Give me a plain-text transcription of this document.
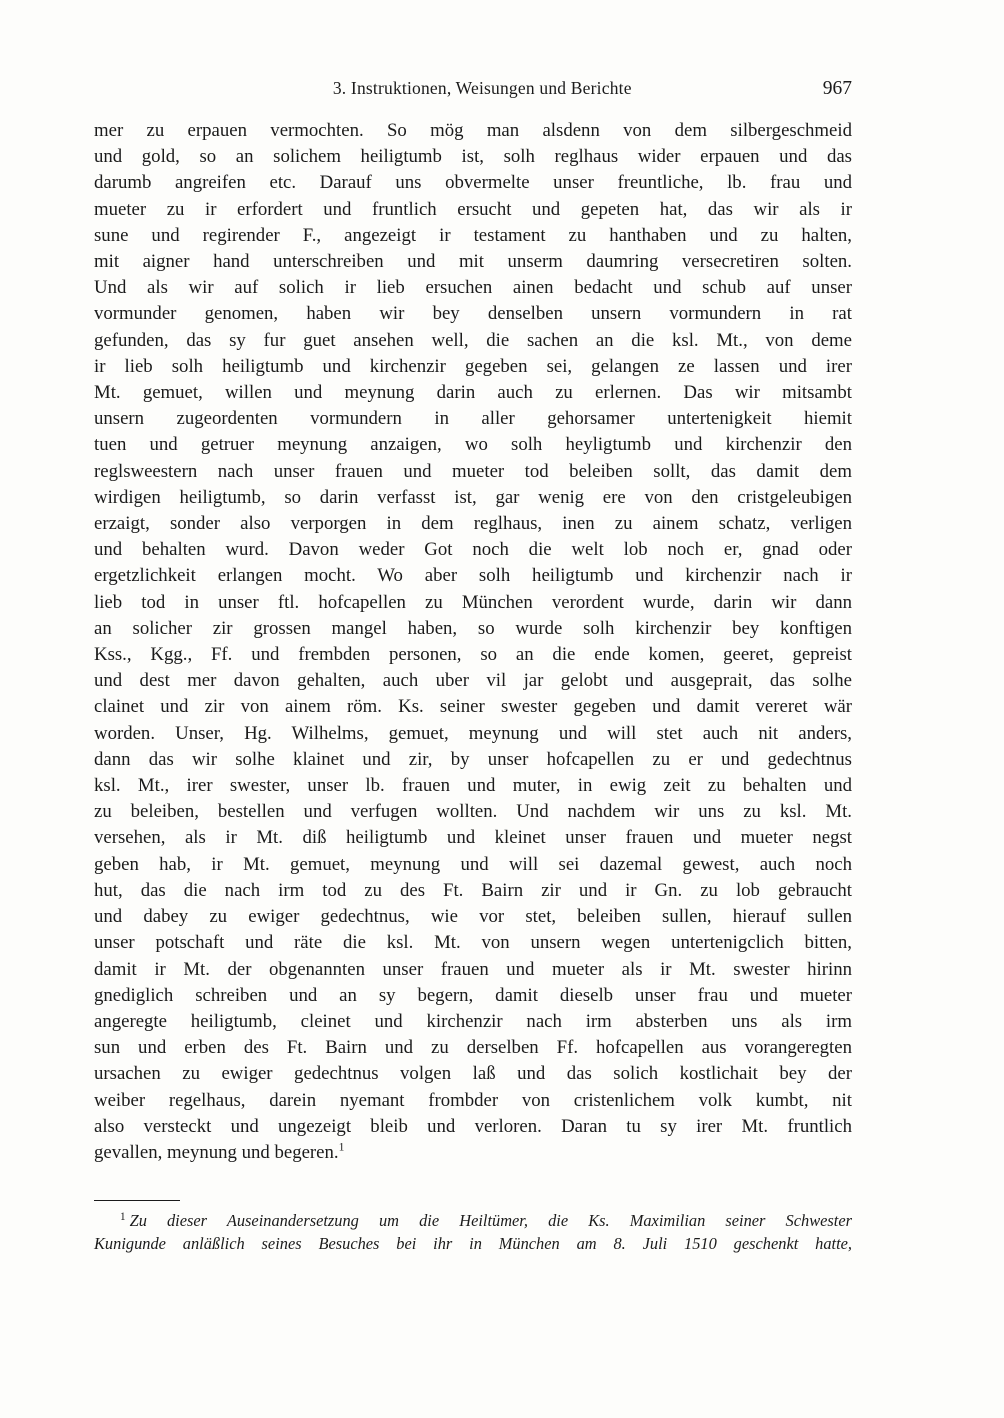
3. Instruktionen, Weisungen und Berichte	967
mer zu erpauen vermochten. So mög man alsdenn von dem silbergeschmeid
und gold, so an solichem heiligtumb ist, solh reglhaus wider erpauen und das
darumb angreifen etc. Darauf uns obvermelte unser freuntliche, lb. frau und
mueter zu ir erfordert und fruntlich ersucht und gepeten hat, das wir als ir
sune und regirender F., angezeigt ir testament zu hanthaben und zu halten,
mit aigner hand unterschreiben und mit unserm daumring versecretiren solten.
Und als wir auf solich ir lieb ersuchen ainen bedacht und schub auf unser
vormunder genomen, haben wir bey denselben unsern vormundern in rat
gefunden, das sy fur guet ansehen well, die sachen an die ksl. Mt., von deme
ir lieb solh heiligtumb und kirchenzir gegeben sei, gelangen ze lassen und irer
Mt. gemuet, willen und meynung darin auch zu erlernen. Das wir mitsambt
unsern zugeordenten vormundern in aller gehorsamer untertenigkeit hiemit
tuen und getruer meynung anzaigen, wo solh heyligtumb und kirchenzir den
reglsweestern nach unser frauen und mueter tod beleiben sollt, das damit dem
wirdigen heiligtumb, so darin verfasst ist, gar wenig ere von den cristgeleubigen
erzaigt, sonder also verporgen in dem reglhaus, inen zu ainem schatz, verligen
und behalten wurd. Davon weder Got noch die welt lob noch er, gnad oder
ergetzlichkeit erlangen mocht. Wo aber solh heiligtumb und kirchenzir nach ir
lieb tod in unser ftl. hofcapellen zu München verordent wurde, darin wir dann
an solicher zir grossen mangel haben, so wurde solh kirchenzir bey konftigen
Kss., Kgg., Ff. und frembden personen, so an die ende komen, geeret, gepreist
und dest mer davon gehalten, auch uber vil jar gelobt und ausgeprait, das solhe
clainet und zir von ainem röm. Ks. seiner swester gegeben und damit vereret wär
worden. Unser, Hg. Wilhelms, gemuet, meynung und will stet auch nit anders,
dann das wir solhe klainet und zir, by unser hofcapellen zu er und gedechtnus
ksl. Mt., irer swester, unser lb. frauen und muter, in ewig zeit zu behalten und
zu beleiben, bestellen und verfugen wollten. Und nachdem wir uns zu ksl. Mt.
versehen, als ir Mt. diß heiligtumb und kleinet unser frauen und mueter negst
geben hab, ir Mt. gemuet, meynung und will sei dazemal gewest, auch noch
hut, das die nach irm tod zu des Ft. Bairn zir und ir Gn. zu lob gebraucht
und dabey zu ewiger gedechtnus, wie vor stet, beleiben sullen, hierauf sullen
unser potschaft und räte die ksl. Mt. von unsern wegen untertenigclich bitten,
damit ir Mt. der obgenannten unser frauen und mueter als ir Mt. swester hirinn
gnediglich schreiben und an sy begern, damit dieselb unser frau und mueter
angeregte heiligtumb, cleinet und kirchenzir nach irm absterben uns als irm
sun und erben des Ft. Bairn und zu derselben Ff. hofcapellen aus vorangeregten
ursachen zu ewiger gedechtnus volgen laß und das solich kostlichait bey der
weiber regelhaus, darein nyemant frombder von cristenlichem volk kumbt, nit
also versteckt und ungezeigt bleib und verloren. Daran tu sy irer Mt. fruntlich
gevallen, meynung und begeren.$^1$
$^1$ Zu dieser Auseinandersetzung um die Heiltümer, die Ks. Maximilian seiner Schwester
Kunigunde anläßlich seines Besuches bei ihr in München am 8. Juli 1510 geschenkt hatte,
